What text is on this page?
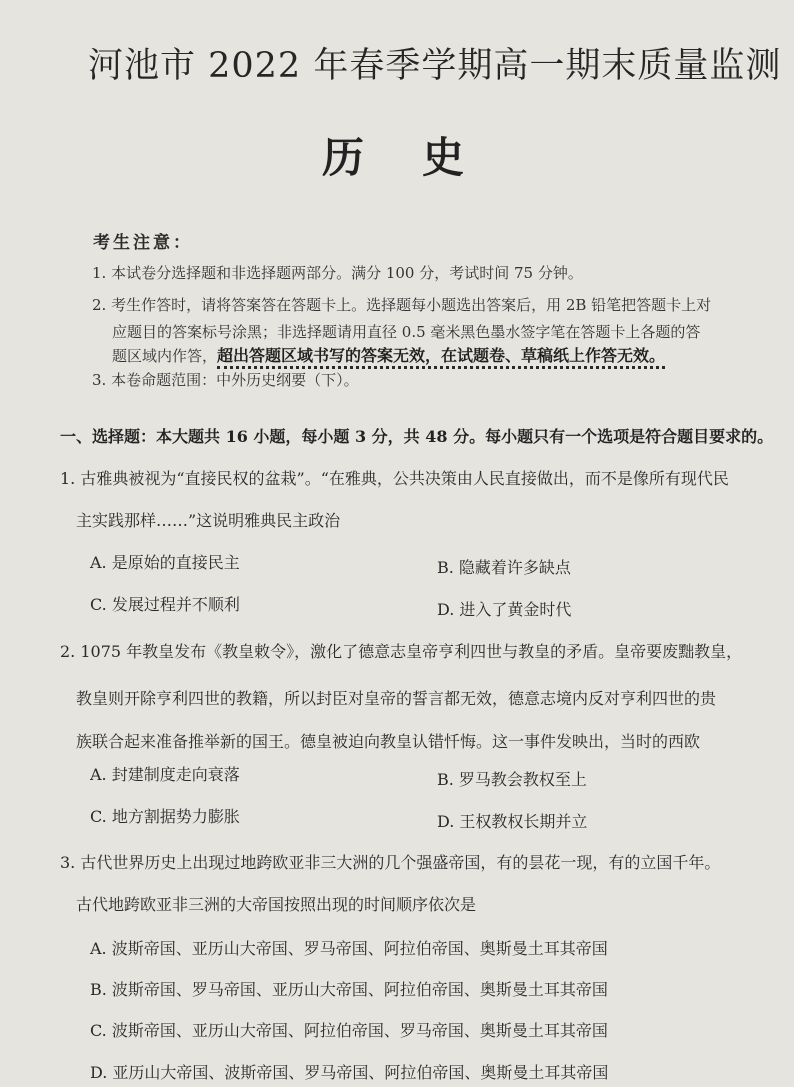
河池市 2022 年春季学期高一期末质量监测
历史
考生注意：
1. 本试卷分选择题和非选择题两部分。满分 100 分，考试时间 75 分钟。
2. 考生作答时，请将答案答在答题卡上。选择题每小题选出答案后，用 2B 铅笔把答题卡上对
应题目的答案标号涂黑；非选择题请用直径 0.5 毫米黑色墨水签字笔在答题卡上各题的答
题区域内作答，超出答题区域书写的答案无效，在试题卷、草稿纸上作答无效。
3. 本卷命题范围：中外历史纲要（下）。
一、选择题：本大题共 16 小题，每小题 3 分，共 48 分。每小题只有一个选项是符合题目要求的。
1. 古雅典被视为“直接民权的盆栽”。“在雅典，公共决策由人民直接做出，而不是像所有现代民
主实践那样……”这说明雅典民主政治
A. 是原始的直接民主	B. 隐藏着许多缺点
C. 发展过程并不顺利	D. 进入了黄金时代
2. 1075 年教皇发布《教皇敕令》，激化了德意志皇帝亨利四世与教皇的矛盾。皇帝要废黜教皇，
教皇则开除亨利四世的教籍，所以封臣对皇帝的誓言都无效，德意志境内反对亨利四世的贵
族联合起来准备推举新的国王。德皇被迫向教皇认错忏悔。这一事件发映出，当时的西欧
A. 封建制度走向衰落	B. 罗马教会教权至上
C. 地方割据势力膨胀	D. 王权教权长期并立
3. 古代世界历史上出现过地跨欧亚非三大洲的几个强盛帝国，有的昙花一现，有的立国千年。
古代地跨欧亚非三洲的大帝国按照出现的时间顺序依次是
A. 波斯帝国、亚历山大帝国、罗马帝国、阿拉伯帝国、奥斯曼土耳其帝国
B. 波斯帝国、罗马帝国、亚历山大帝国、阿拉伯帝国、奥斯曼土耳其帝国
C. 波斯帝国、亚历山大帝国、阿拉伯帝国、罗马帝国、奥斯曼土耳其帝国
D. 亚历山大帝国、波斯帝国、罗马帝国、阿拉伯帝国、奥斯曼土耳其帝国
